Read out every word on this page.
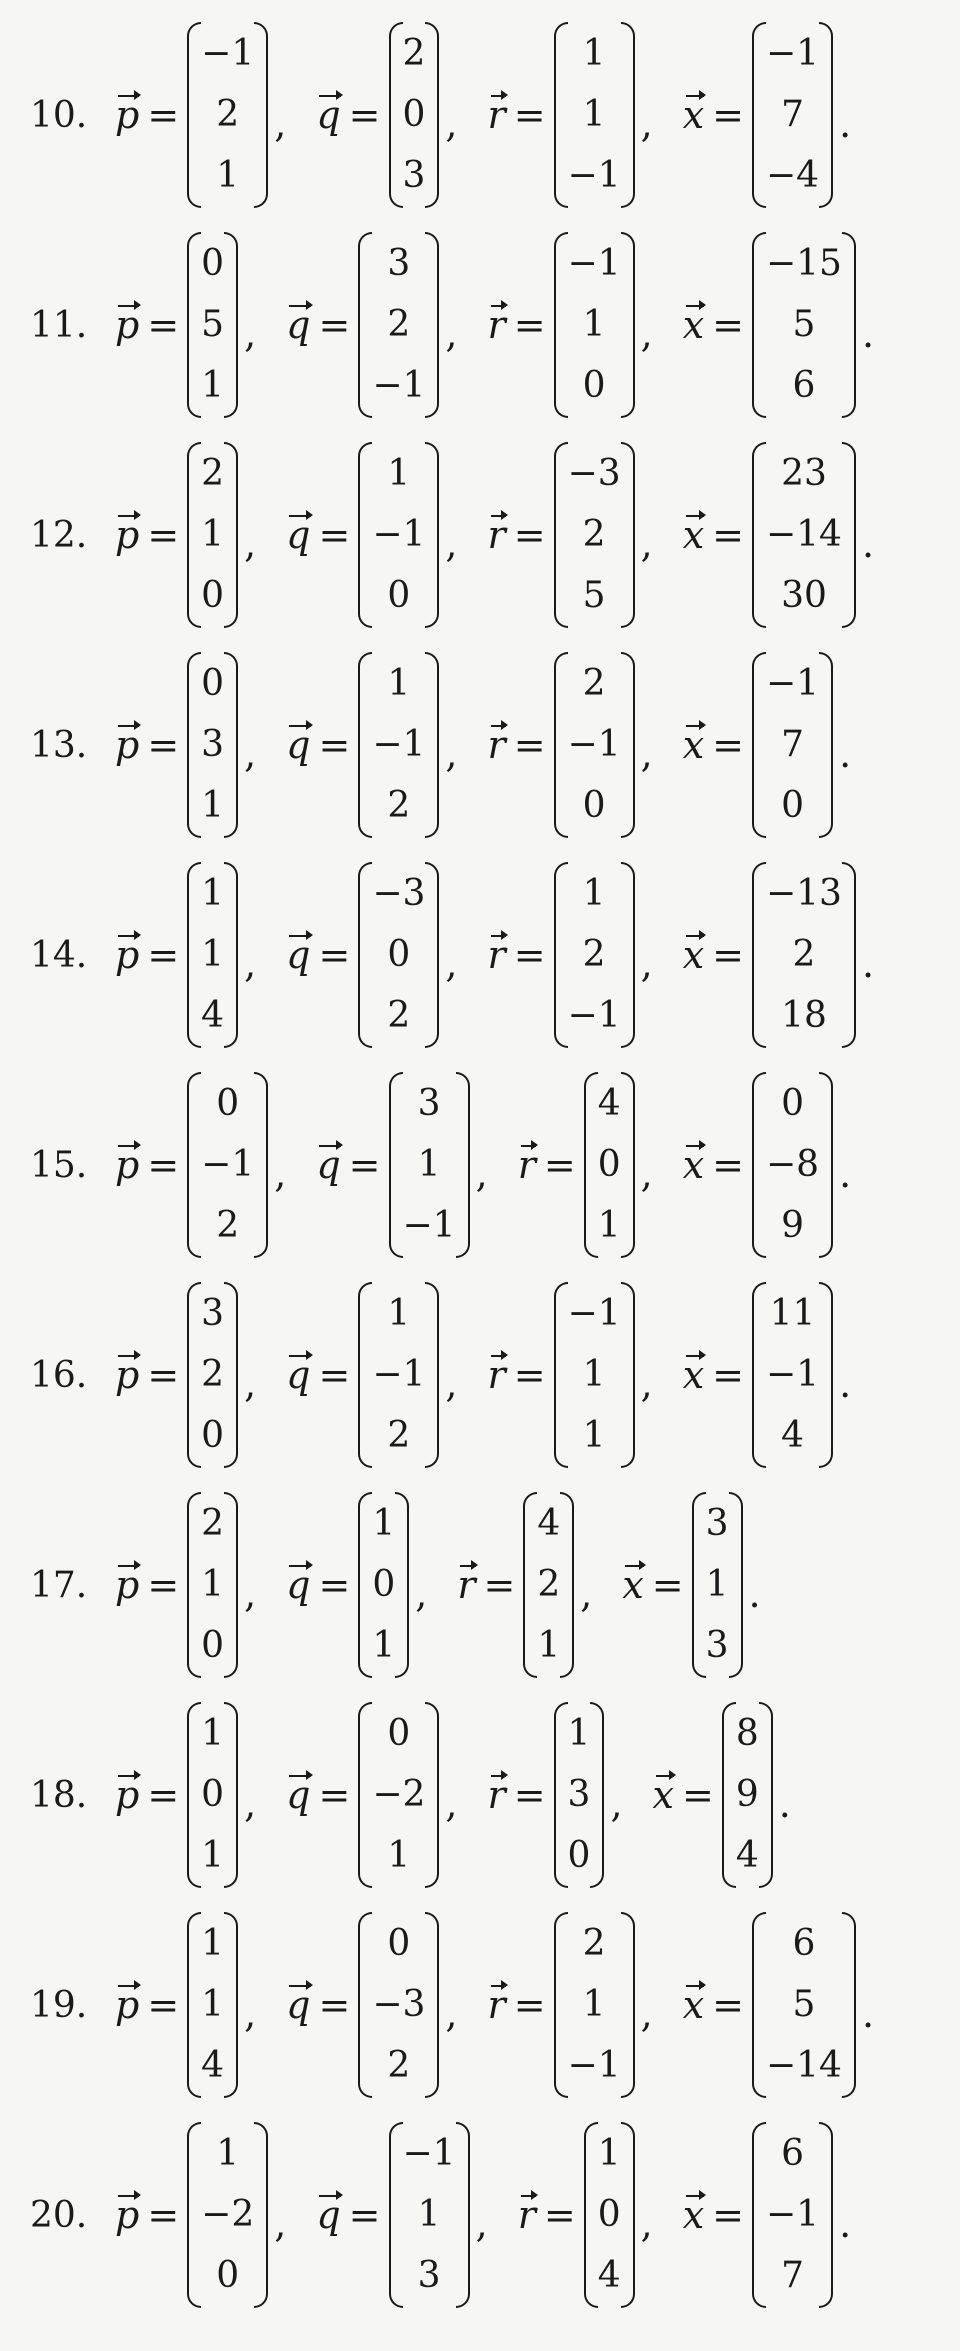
10. p =
−1
2
1
, q =
2
0
3
, r =
1
1
−1
, x =
−1
7
−4
.
11. p =
0
5
1
, q =
3
2
−1
, r =
−1
1
0
, x =
−15
5
6
.
12. p =
2
1
0
, q =
1
−1
0
, r =
−3
2
5
, x =
23
−14
30
.
13. p =
0
3
1
, q =
1
−1
2
, r =
2
−1
0
, x =
−1
7
0
.
14. p =
1
1
4
, q =
−3
0
2
, r =
1
2
−1
, x =
−13
2
18
.
15. p =
0
−1
2
, q =
3
1
−1
, r =
4
0
1
, x =
0
−8
9
.
16. p =
3
2
0
, q =
1
−1
2
, r =
−1
1
1
, x =
11
−1
4
.
17. p =
2
1
0
, q =
1
0
1
, r =
4
2
1
, x =
3
1
3
.
18. p =
1
0
1
, q =
0
−2
1
, r =
1
3
0
, x =
8
9
4
.
19. p =
1
1
4
, q =
0
−3
2
, r =
2
1
−1
, x =
6
5
−14
.
20. p =
1
−2
0
, q =
−1
1
3
, r =
1
0
4
, x =
6
−1
7
.
